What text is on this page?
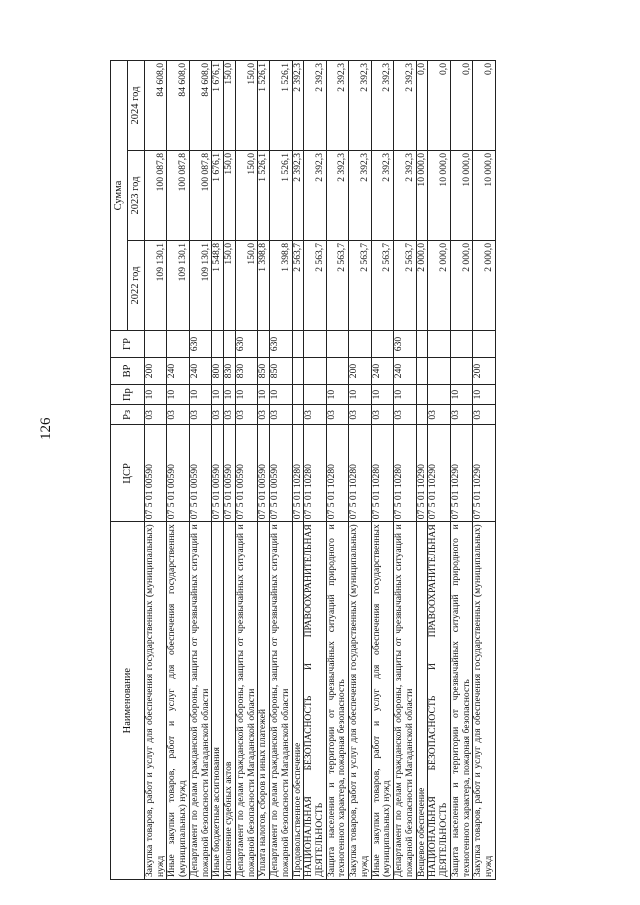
126
Наименование	ЦСР	Рз	Пр	ВР	ГР	Сумма		
						2022 год	2023 год	2024 год
Закупка товаров, работ и услуг для обеспечения государственных (муниципальных) нужд	07 5 01 00590	03	10	200		109 130,1	100 087,8	84 608,0
Иные закупки товаров, работ и услуг для обеспечения государственных (муниципальных) нужд	07 5 01 00590	03	10	240		109 130,1	100 087,8	84 608,0
Департамент по делам гражданской обороны, защиты от чрезвычайных ситуаций и пожарной безопасности Магаданской области	07 5 01 00590	03	10	240	630	109 130,1	100 087,8	84 608,0
Иные бюджетные ассигнования	07 5 01 00590	03	10	800		1 548,8	1 676,1	1 676,1
Исполнение судебных актов	07 5 01 00590	03	10	830		150,0	150,0	150,0
Департамент по делам гражданской обороны, защиты от чрезвычайных ситуаций и пожарной безопасности Магаданской области	07 5 01 00590	03	10	830	630	150,0	150,0	150,0
Уплата налогов, сборов и иных платежей	07 5 01 00590	03	10	850		1 398,8	1 526,1	1 526,1
Департамент по делам гражданской обороны, защиты от чрезвычайных ситуаций и пожарной безопасности Магаданской области	07 5 01 00590	03	10	850	630	1 398,8	1 526,1	1 526,1
Продовольственное обеспечение	07 5 01 10280					2 563,7	2 392,3	2 392,3
НАЦИОНАЛЬНАЯ БЕЗОПАСНОСТЬ И ПРАВООХРАНИТЕЛЬНАЯ ДЕЯТЕЛЬНОСТЬ	07 5 01 10280	03				2 563,7	2 392,3	2 392,3
Защита населения и территории от чрезвычайных ситуаций природного и техногенного характера, пожарная безопасность	07 5 01 10280	03	10			2 563,7	2 392,3	2 392,3
Закупка товаров, работ и услуг для обеспечения государственных (муниципальных) нужд	07 5 01 10280	03	10	200		2 563,7	2 392,3	2 392,3
Иные закупки товаров, работ и услуг для обеспечения государственных (муниципальных) нужд	07 5 01 10280	03	10	240		2 563,7	2 392,3	2 392,3
Департамент по делам гражданской обороны, защиты от чрезвычайных ситуаций и пожарной безопасности Магаданской области	07 5 01 10280	03	10	240	630	2 563,7	2 392,3	2 392,3
Вещевое обеспечение	07 5 01 10290					2 000,0	10 000,0	0,0
НАЦИОНАЛЬНАЯ БЕЗОПАСНОСТЬ И ПРАВООХРАНИТЕЛЬНАЯ ДЕЯТЕЛЬНОСТЬ	07 5 01 10290	03				2 000,0	10 000,0	0,0
Защита населения и территории от чрезвычайных ситуаций природного и техногенного характера, пожарная безопасность	07 5 01 10290	03	10			2 000,0	10 000,0	0,0
Закупка товаров, работ и услуг для обеспечения государственных (муниципальных) нужд	07 5 01 10290	03	10	200		2 000,0	10 000,0	0,0
